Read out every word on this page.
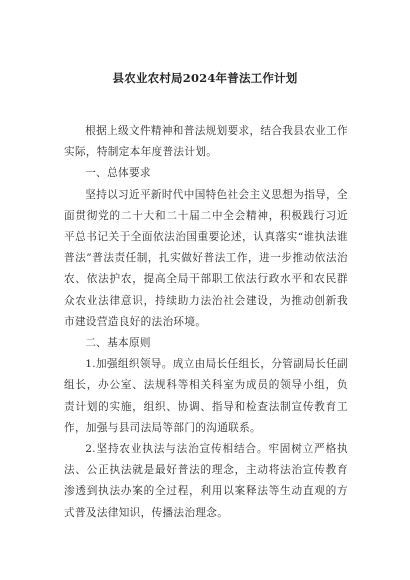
县农业农村局2024年普法工作计划

根据上级文件精神和普法规划要求，结合我县农业工作实际，特制定本年度普法计划。

一、总体要求

坚持以习近平新时代中国特色社会主义思想为指导，全面贯彻党的二十大和二十届二中全会精神，积极践行习近平总书记关于全面依法治国重要论述，认真落实“谁执法谁普法”普法责任制，扎实做好普法工作，进一步推动依法治农、依法护农，提高全局干部职工依法行政水平和农民群众农业法律意识，持续助力法治社会建设，为推动创新我市建设营造良好的法治环境。

二、基本原则

1.加强组织领导。成立由局长任组长，分管副局长任副组长，办公室、法规科等相关科室为成员的领导小组，负责计划的实施，组织、协调、指导和检查法制宣传教育工作，加强与县司法局等部门的沟通联系。

2.坚持农业执法与法治宣传相结合。牢固树立严格执法、公正执法就是最好普法的理念，主动将法治宣传教育渗透到执法办案的全过程，利用以案释法等生动直观的方式普及法律知识，传播法治理念。
